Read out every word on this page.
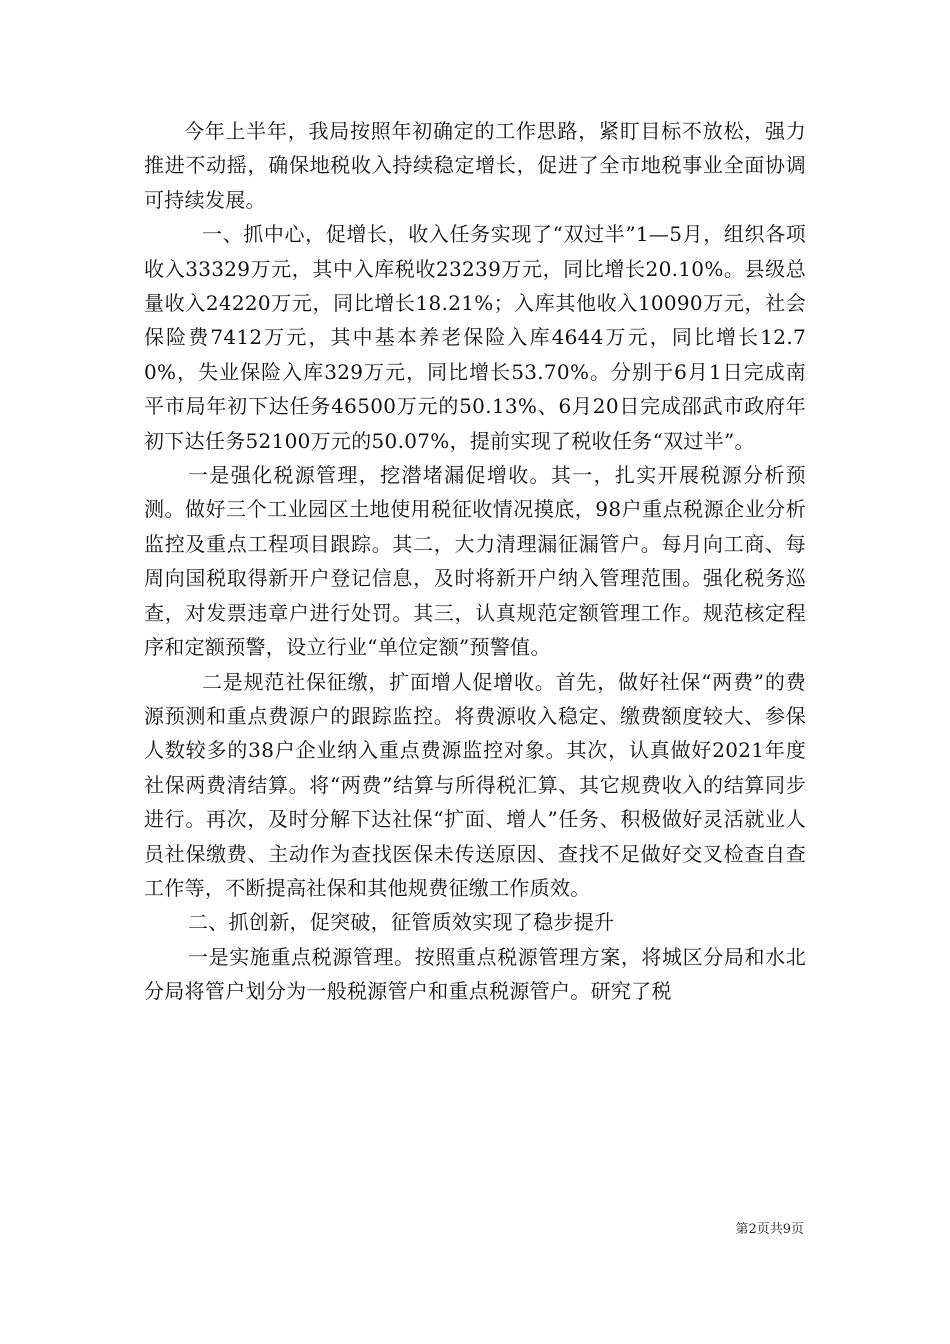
今年上半年，我局按照年初确定的工作思路，紧盯目标不放松，强力推进不动摇，确保地税收入持续稳定增长，促进了全市地税事业全面协调可持续发展。

一、抓中心，促增长，收入任务实现了“双过半”1—5月，组织各项收入33329万元，其中入库税收23239万元，同比增长20.10%。县级总量收入24220万元，同比增长18.21%；入库其他收入10090万元，社会保险费7412万元，其中基本养老保险入库4644万元，同比增长12.70%，失业保险入库329万元，同比增长53.70%。分别于6月1日完成南平市局年初下达任务46500万元的50.13%、6月20日完成邵武市政府年初下达任务52100万元的50.07%，提前实现了税收任务“双过半”。

一是强化税源管理，挖潜堵漏促增收。其一，扎实开展税源分析预测。做好三个工业园区土地使用税征收情况摸底，98户重点税源企业分析监控及重点工程项目跟踪。其二，大力清理漏征漏管户。每月向工商、每周向国税取得新开户登记信息，及时将新开户纳入管理范围。强化税务巡查，对发票违章户进行处罚。其三，认真规范定额管理工作。规范核定程序和定额预警，设立行业“单位定额”预警值。

二是规范社保征缴，扩面增人促增收。首先，做好社保“两费”的费源预测和重点费源户的跟踪监控。将费源收入稳定、缴费额度较大、参保人数较多的38户企业纳入重点费源监控对象。其次，认真做好2021年度社保两费清结算。将“两费”结算与所得税汇算、其它规费收入的结算同步进行。再次，及时分解下达社保“扩面、增人”任务、积极做好灵活就业人员社保缴费、主动作为查找医保未传送原因、查找不足做好交叉检查自查工作等，不断提高社保和其他规费征缴工作质效。

二、抓创新，促突破，征管质效实现了稳步提升

一是实施重点税源管理。按照重点税源管理方案，将城区分局和水北分局将管户划分为一般税源管户和重点税源管户。研究了税

第2页共9页
